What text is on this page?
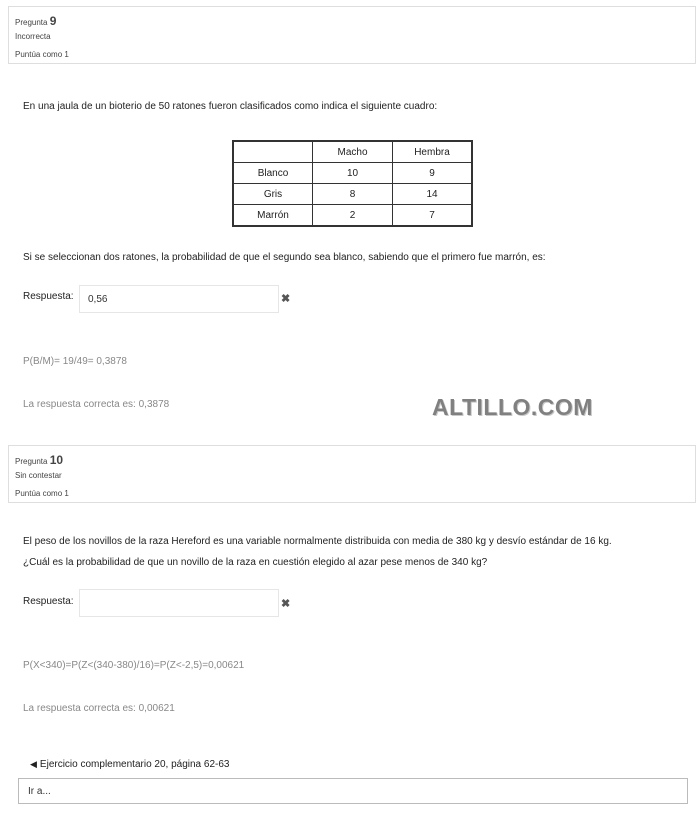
Pregunta 9
Incorrecta
Puntúa como 1
En una jaula de un bioterio de 50 ratones fueron clasificados como indica el siguiente cuadro:
	Macho	Hembra
Blanco	10	9
Gris	8	14
Marrón	2	7
Si se seleccionan dos ratones, la probabilidad de que el segundo sea blanco, sabiendo que el primero fue marrón, es:
Respuesta:
0,56	✖
P(B/M)= 19/49= 0,3878
La respuesta correcta es: 0,3878	ALTILLO.COM
Pregunta 10
Sin contestar
Puntúa como 1
El peso de los novillos de la raza Hereford es una variable normalmente distribuida con media de 380 kg y desvío estándar de 16 kg.
¿Cuál es la probabilidad de que un novillo de la raza en cuestión elegido al azar pese menos de 340 kg?
Respuesta:	✖
P(X<340)=P(Z<(340-380)/16)=P(Z<-2,5)=0,00621
La respuesta correcta es: 0,00621
◀ Ejercicio complementario 20, página 62-63
Ir a...
